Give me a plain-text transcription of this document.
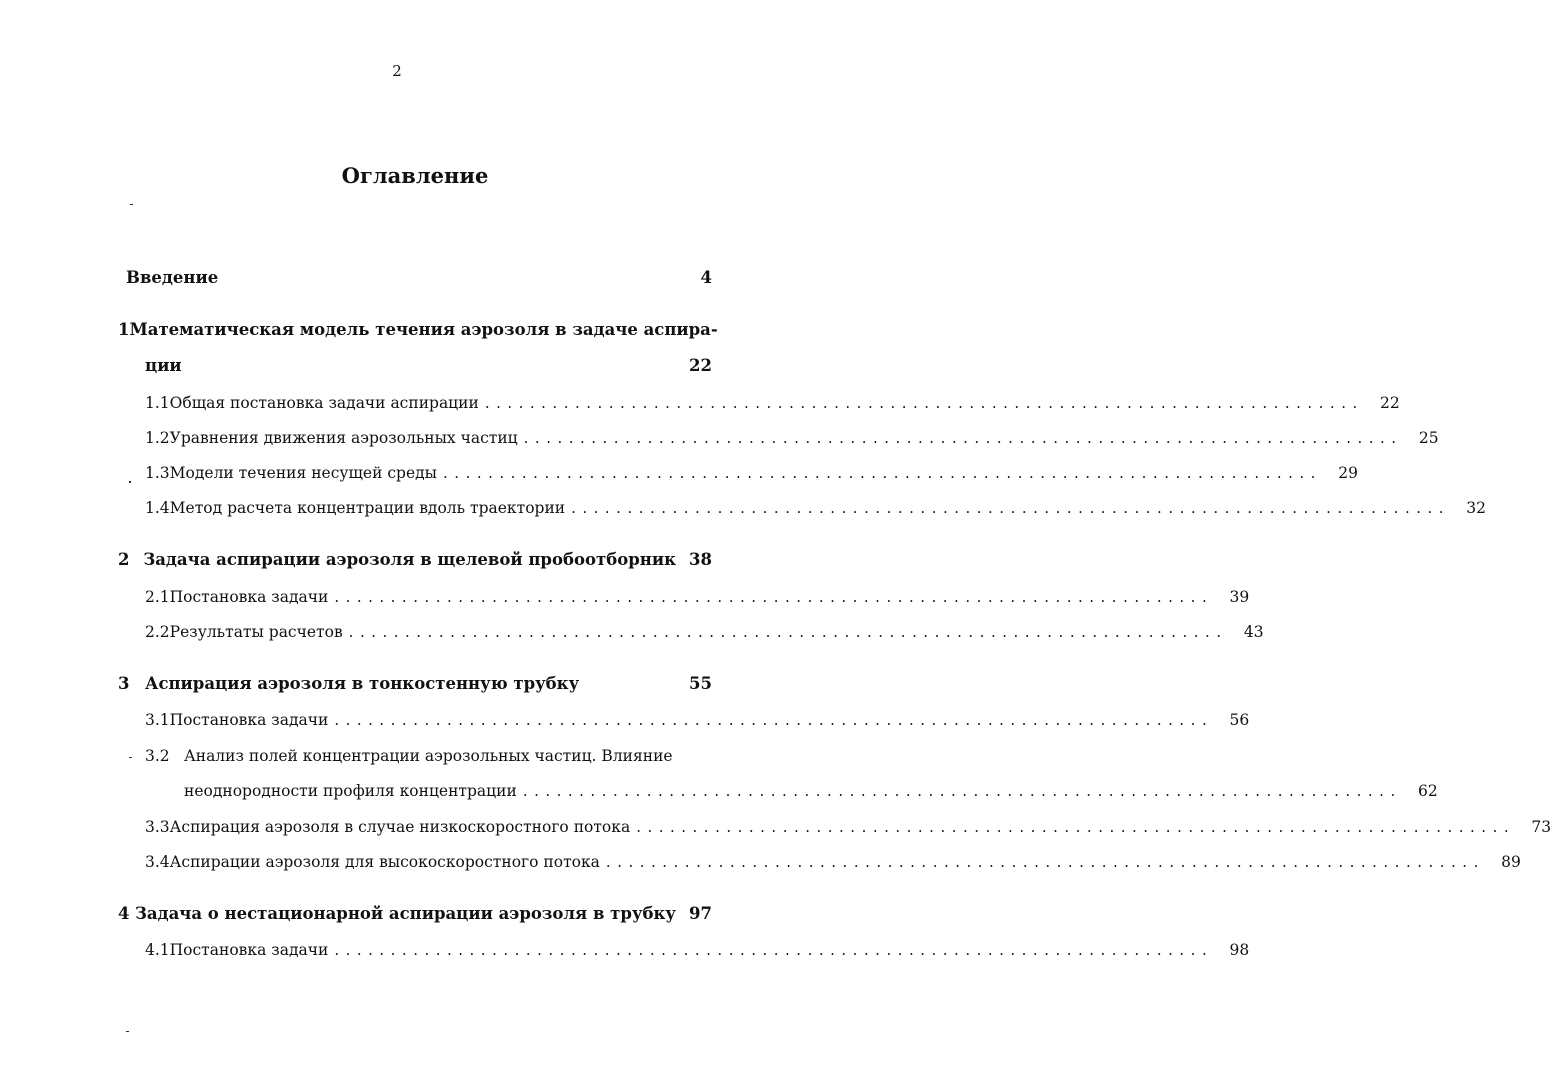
2
Оглавление
Введение	4
1 Математическая модель течения аэрозоля в задаче аспира-
ции	22
1.1 Общая постановка задачи аспирации ..............................................................................	22
1.2 Уравнения движения аэрозольных частиц ..............................................................................	25
1.3 Модели течения несущей среды ..............................................................................	29
1.4 Метод расчета концентрации вдоль траектории ..............................................................................	32
2 Задача аспирации аэрозоля в щелевой пробоотборник 38
2.1 Постановка задачи ..............................................................................	39
2.2 Результаты расчетов ..............................................................................	43
3 Аспирация аэрозоля в тонкостенную трубку	55
3.1 Постановка задачи ..............................................................................	56
3.2 Анализ полей концентрации аэрозольных частиц. Влияние
неоднородности профиля концентрации ..............................................................................	62
3.3 Аспирация аэрозоля в случае низкоскоростного потока ..............................................................................	73
3.4 Аспирации аэрозоля для высокоскоростного потока ..............................................................................	89
4 Задача о нестационарной аспирации аэрозоля в трубку 97
4.1 Постановка задачи ..............................................................................	98
